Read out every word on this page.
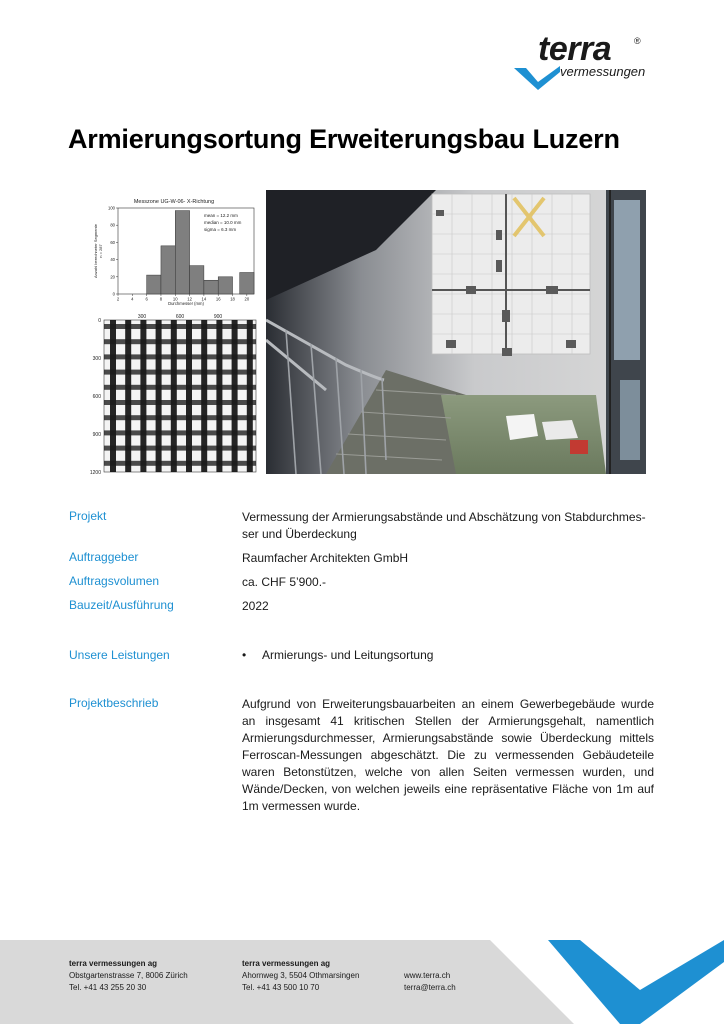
terra	®
vermessungen
Armierungsortung Erweiterungsbau Luzern
Messzone UG-W-06- X-Richtung
Anzahl berechneter Segmente n = 287
Durchmesser (mm)
mean = 12.2 mm
median = 10.0 mm
sigma = 6.3 mm
2	4	6	8	10 12 14 16 18 20
0
20
40
60
80
100
300	600	900
0
300
600
900
1200
Projekt	Vermessung der Armierungsabstände und Abschätzung von Stabdurchmes-
ser und Überdeckung
Auftraggeber	Raumfacher Architekten GmbH
Auftragsvolumen	ca. CHF 5’900.-
Bauzeit/Ausführung	2022
Unsere Leistungen	• Armierungs- und Leitungsortung
Projektbeschrieb	Aufgrund von Erweiterungsbauarbeiten an einem Gewerbegebäude wurde an insgesamt 41 kritischen Stellen der Armierungsgehalt, namentlich Armierungsdurchmesser, Armierungsabstände sowie Überdeckung mittels Ferroscan-Messungen abgeschätzt. Die zu vermessenden Gebäudeteile waren Betonstützen, welche von allen Seiten vermessen wurden, und Wände/Decken, von welchen jeweils eine repräsentative Fläche von 1m auf 1m vermessen wurde.
terra vermessungen ag
Obstgartenstrasse 7, 8006 Zürich
Tel. +41 43 255 20 30
terra vermessungen ag
Ahornweg 3, 5504 Othmarsingen
Tel. +41 43 500 10 70
www.terra.ch
terra@terra.ch
